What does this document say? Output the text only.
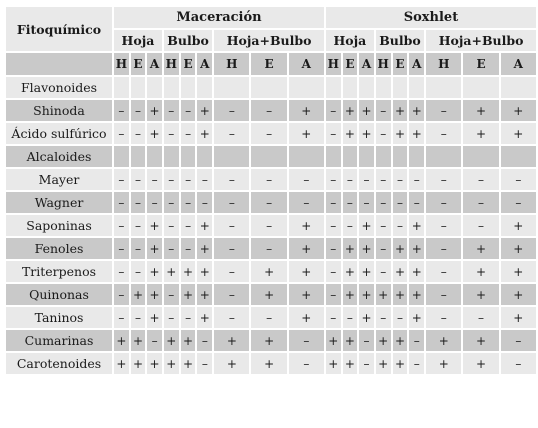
Fitoquímico	Maceración									Soxhlet								
	Hoja			Bulbo			Hoja+Bulbo			Hoja			Bulbo			Hoja+Bulbo		
	H	E	A	H	E	A	H	E	A	H	E	A	H	E	A	H	E	A
Flavonoides																		
Shinoda	–	–	+	–	–	+	–	–	+	–	+	+	–	+	+	–	+	+
Ácido sulfúrico	–	–	+	–	–	+	–	–	+	–	+	+	–	+	+	–	+	+
Alcaloides																		
Mayer	–	–	–	–	–	–	–	–	–	–	–	–	–	–	–	–	–	–
Wagner	–	–	–	–	–	–	–	–	–	–	–	–	–	–	–	–	–	–
Saponinas	–	–	+	–	–	+	–	–	+	–	–	+	–	–	+	–	–	+
Fenoles	–	–	+	–	–	+	–	–	+	–	+	+	–	+	+	–	+	+
Triterpenos	–	–	+	+	+	+	–	+	+	–	+	+	–	+	+	–	+	+
Quinonas	–	+	+	–	+	+	–	+	+	–	+	+	+	+	+	–	+	+
Taninos	–	–	+	–	–	+	–	–	+	–	–	+	–	–	+	–	–	+
Cumarinas	+	+	–	+	+	–	+	+	–	+	+	–	+	+	–	+	+	–
Carotenoides	+	+	+	+	+	–	+	+	–	+	+	–	+	+	–	+	+	–
